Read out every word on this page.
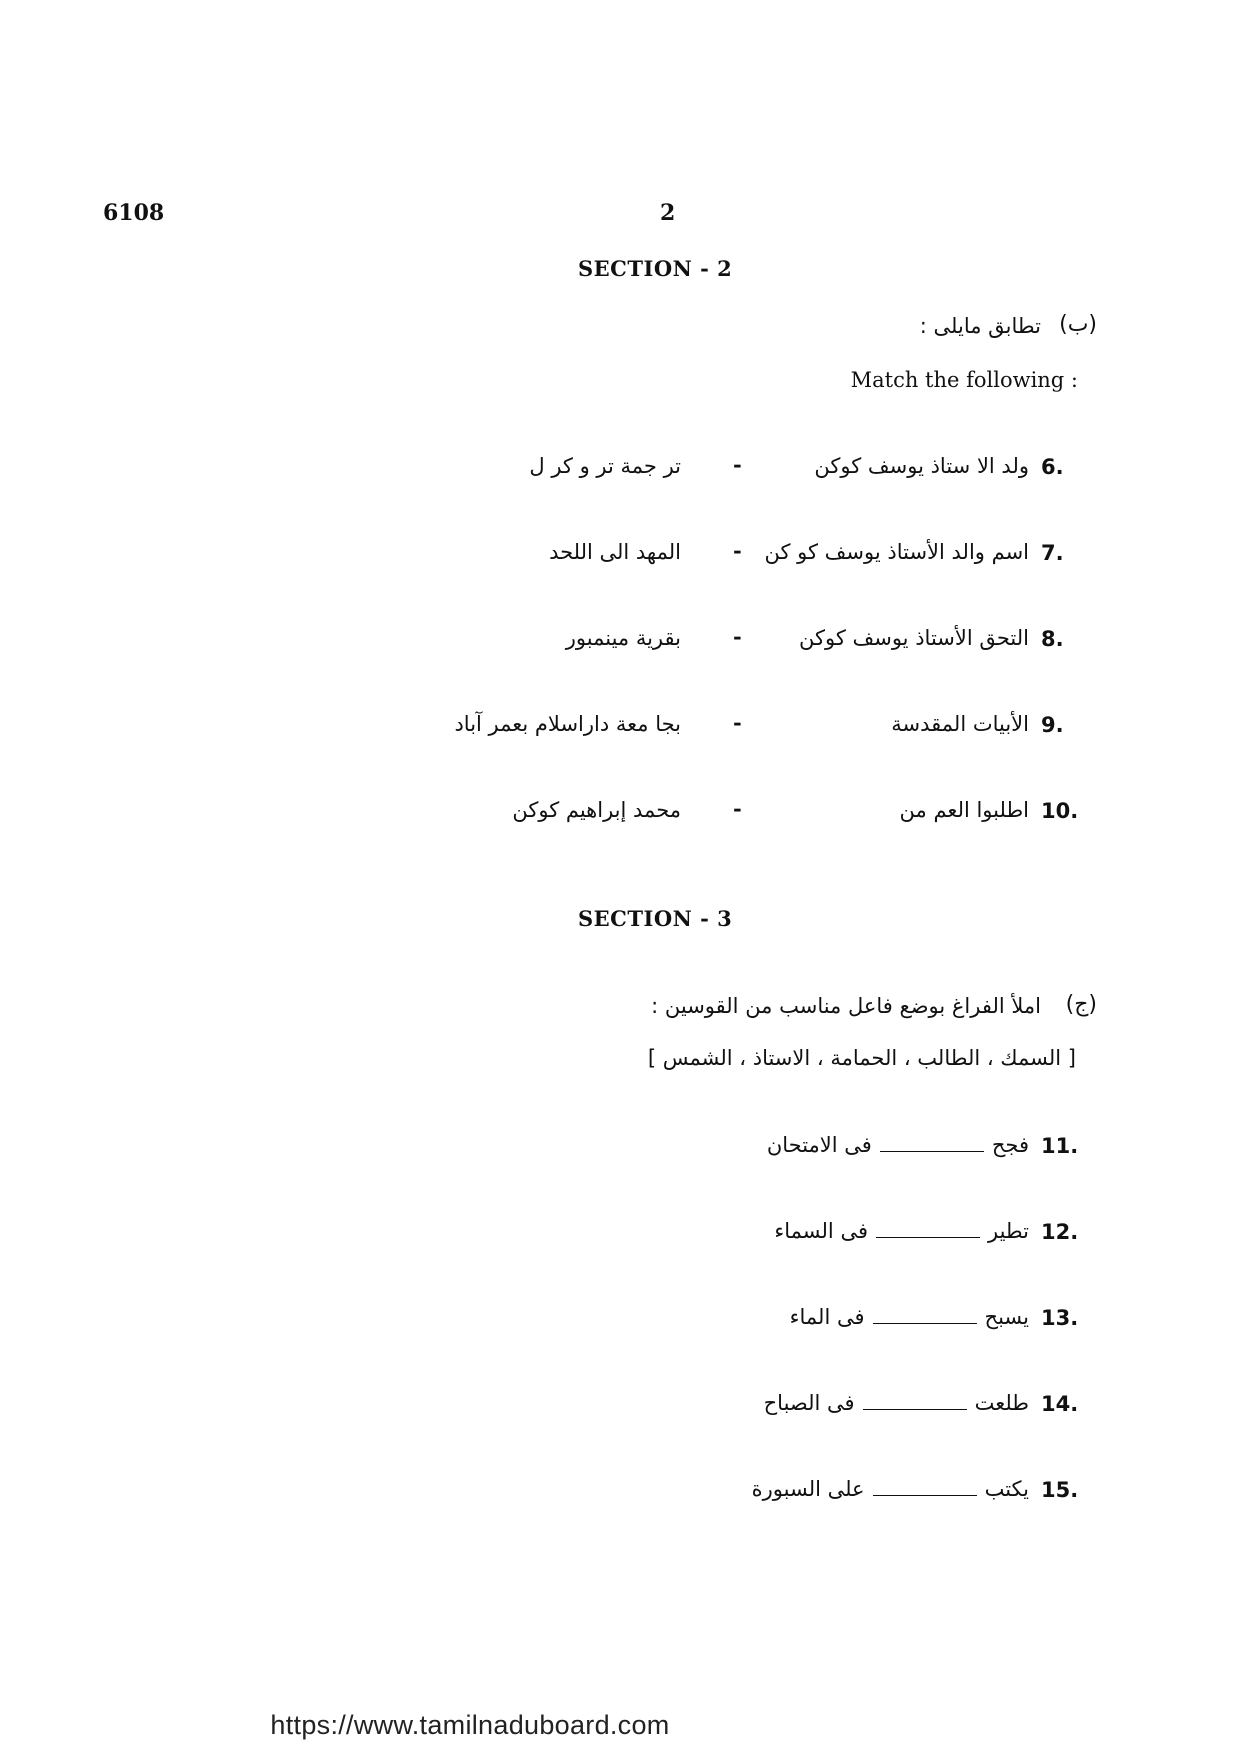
6108	2
SECTION - 2
(ب)
تطابق مايلى :
Match the following :
6.
ولد الا ستاذ يوسف كوكن
-
تر جمة تر و كر ل
7.
اسم والد الأستاذ يوسف كو كن
-
المهد الى اللحد
8.
التحق الأستاذ يوسف كوكن
-
بقرية مينمبور
9.
الأبيات المقدسة
-
بجا معة داراسلام بعمر آباد
10.
اطلبوا العم من
-
محمد إبراهيم كوكن
SECTION - 3
(ج)
املأ الفراغ بوضع فاعل مناسب من القوسين :
[ السمك ، الطالب ، الحمامة ، الاستاذ ، الشمس ]
11.
فجحفى الامتحان
12.
تطيرفى السماء
13.
يسبحفى الماء
14.
طلعتفى الصباح
15.
يكتبعلى السبورة
https://www.tamilnaduboard.com
